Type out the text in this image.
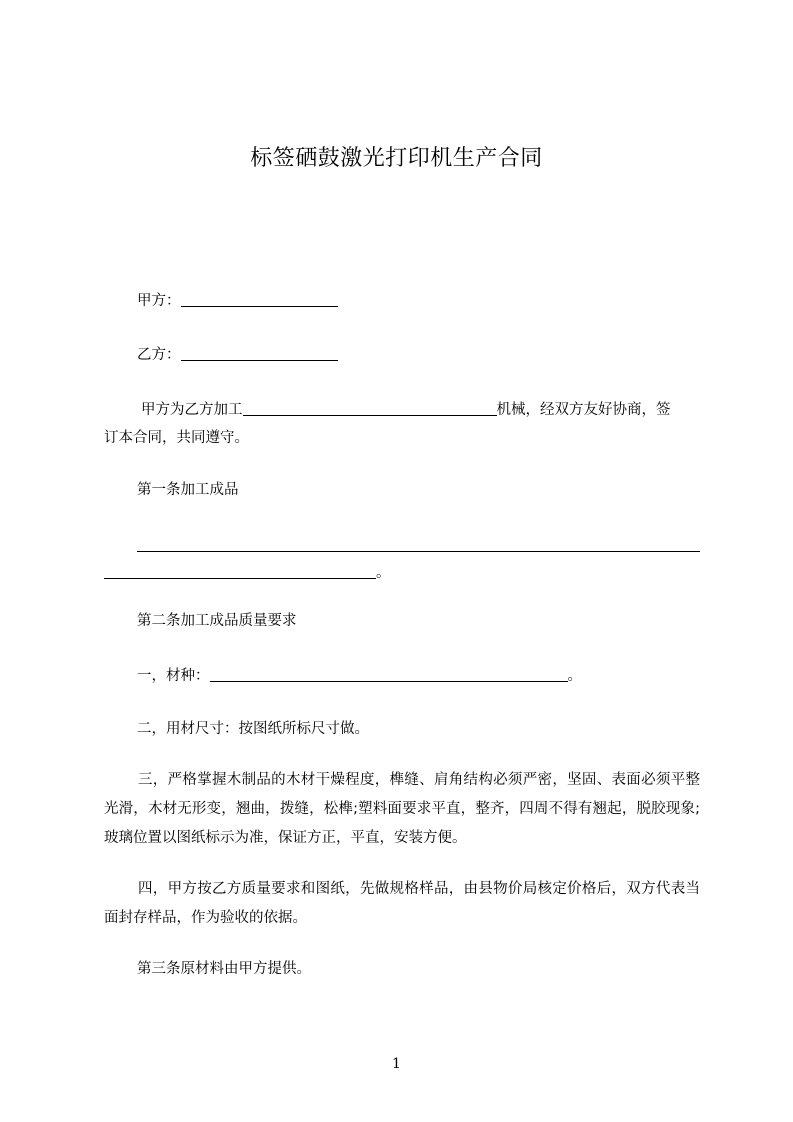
标签硒鼓激光打印机生产合同
甲方：
乙方：
甲方为乙方加工	机械，经双方友好协商，签
订本合同，共同遵守。
第一条加工成品
。
第二条加工成品质量要求
一，材种：	。
二，用材尺寸：按图纸所标尺寸做。
三，严格掌握木制品的木材干燥程度，榫缝、肩角结构必须严密，坚固、表面必须平整光滑，木材无形变，翘曲，拨缝，松榫;塑料面要求平直，整齐，四周不得有翘起，脱胶现象;玻璃位置以图纸标示为准，保证方正，平直，安装方便。
四，甲方按乙方质量要求和图纸，先做规格样品，由县物价局核定价格后，双方代表当面封存样品，作为验收的依据。
第三条原材料由甲方提供。
1
